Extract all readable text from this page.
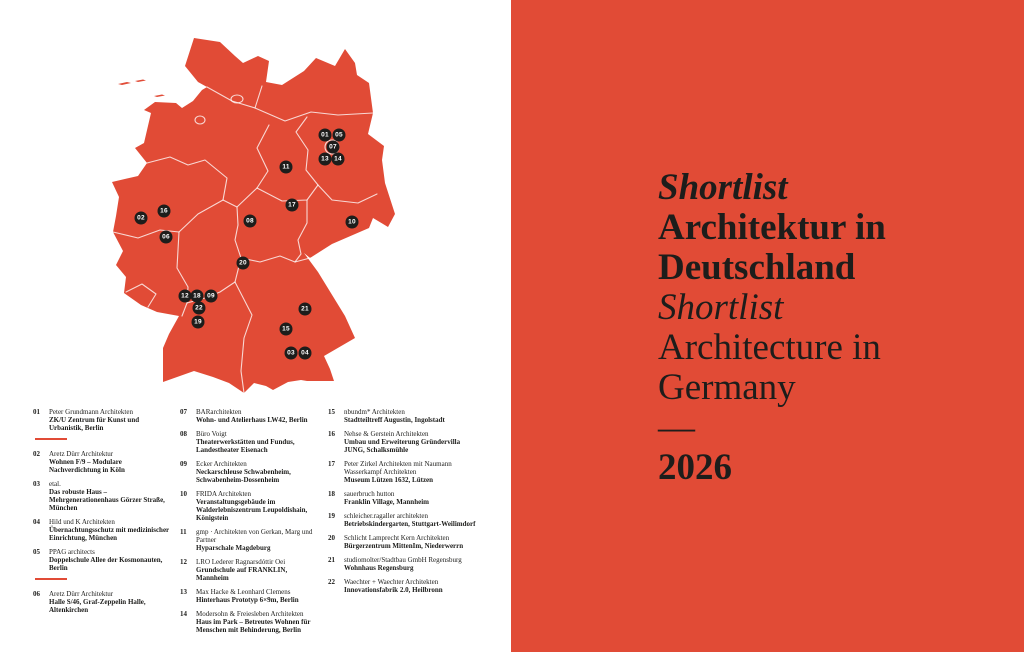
01
02
03 04
05
06
07
08
09
10
11
12
13 14
15
16
17
18
19
20
21
22
01	Peter Grundmann Architekten
ZK/U Zentrum für Kunst und Urbanistik, Berlin
02	Aretz Dürr Architektur
Wohnen F/9 – Modulare Nachverdichtung in Köln
03	etal.
Das robuste Haus – Mehrgenerationenhaus Görzer Straße, München
04	Hild und K Architekten
Übernachtungsschutz mit medizinischer Einrichtung, München
05	PPAG architects
Doppelschule Allee der Kosmonauten, Berlin
06	Aretz Dürr Architektur
Halle S/46, Graf-Zeppelin Halle, Altenkirchen
07	BARarchitekten
Wohn- und Atelierhaus LW42, Berlin
08	Büro Voigt
Theaterwerkstätten und Fundus, Landestheater Eisenach
09	Ecker Architekten
Neckarschleuse Schwabenheim, Schwabenheim-Dossenheim
10	FRIDA Architekten
Veranstaltungsgebäude im Walderlebniszentrum Leupoldishain, Königstein
11	gmp · Architekten von Gerkan, Marg und Partner
Hyparschale Magdeburg
12	LRO Lederer Ragnarsdóttir Oei
Grundschule auf FRANKLIN, Mannheim
13	Max Hacke & Leonhard Clemens
Hinterhaus Prototyp 6×9m, Berlin
14	Modersohn & Freiesleben Architekten
Haus im Park – Betreutes Wohnen für Menschen mit Behinderung, Berlin
15	nbundm* Architekten
Stadtteiltreff Augustin, Ingolstadt
16	Nehse & Gerstein Architekten
Umbau und Erweiterung Gründervilla JUNG, Schalksmühle
17	Peter Zirkel Architekten mit Naumann Wasserkampf Architekten
Museum Lützen 1632, Lützen
18	sauerbruch hutton
Franklin Village, Mannheim
19	schleicher.ragaller architekten
Betriebskindergarten, Stuttgart-Weilimdorf
20	Schlicht Lamprecht Kern Architekten
Bürgerzentrum MittenIm, Niederwerrn
21	studiomolter/Stadtbau GmbH Regensburg
Wohnhaus Regensburg
22	Waechter + Waechter Architekten
Innovationsfabrik 2.0, Heilbronn
Shortlist
Architektur in
Deutschland
Shortlist
Architecture in
Germany
—
2026
